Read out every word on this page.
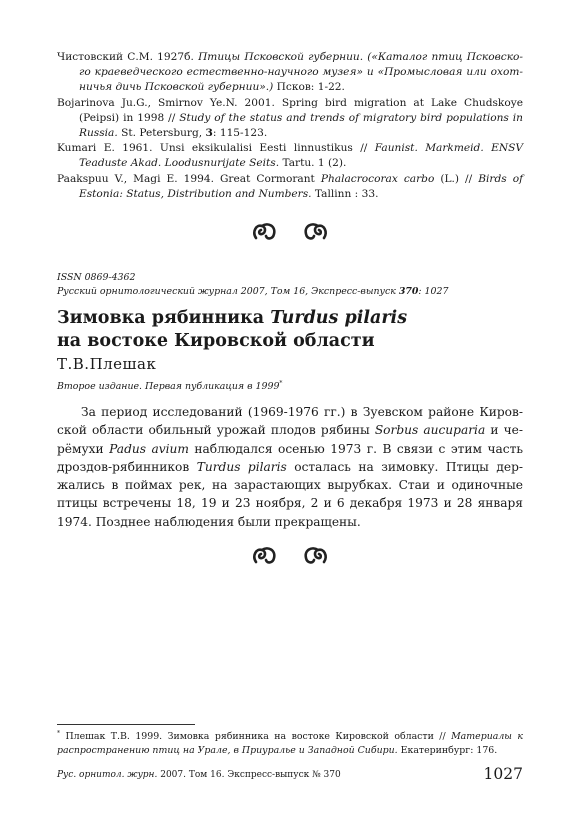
Чистовский С.М. 1927б. Птицы Псковской губернии. («Каталог птиц Псковско-го краеведческого естественно-научного музея» и «Промысловая или охот-ничья дичь Псковской губернии».) Псков: 1-22.

Bojarinova Ju.G., Smirnov Ye.N. 2001. Spring bird migration at Lake Chudskoye (Peipsi) in 1998 // Study of the status and trends of migratory bird populations in Russia. St. Petersburg, 3: 115-123.

Kumari E. 1961. Unsi eksikulalisi Eesti linnustikus // Faunist. Markmeid. ENSV Teaduste Akad. Loodusnurijate Seits. Tartu. 1 (2).

Paakspuu V., Magi E. 1994. Great Cormorant Phalacrocorax carbo (L.) // Birds of Estonia: Status, Distribution and Numbers. Tallinn : 33.

ISSN 0869-4362
Русский орнитологический журнал 2007, Том 16, Экспресс-выпуск 370: 1027
Зимовка рябинника Turdus pilaris
на востоке Кировской области
Т.В.Плешак
Второе издание. Первая публикация в 1999*

За период исследований (1969-1976 гг.) в Зуевском районе Киров-ской области обильный урожай плодов рябины Sorbus aucuparia и че-рёмухи Padus avium наблюдался осенью 1973 г. В связи с этим часть дроздов-рябинников Turdus pilaris осталась на зимовку. Птицы дер-жались в поймах рек, на зарастающих вырубках. Стаи и одиночные птицы встречены 18, 19 и 23 ноября, 2 и 6 декабря 1973 и 28 января 1974. Позднее наблюдения были прекращены.

* Плешак Т.В. 1999. Зимовка рябинника на востоке Кировской области // Материалы к распространению птиц на Урале, в Приуралье и Западной Сибири. Екатеринбург: 176.

Рус. орнитол. журн. 2007. Том 16. Экспресс-выпуск № 370	1027
